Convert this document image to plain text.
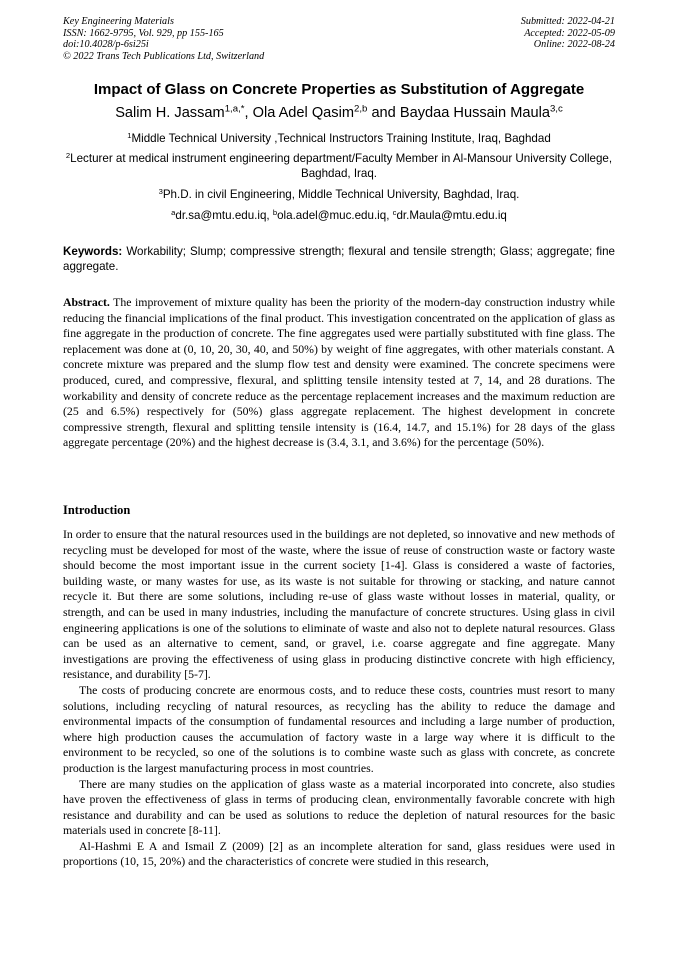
Key Engineering Materials
ISSN: 1662-9795, Vol. 929, pp 155-165
doi:10.4028/p-6si25i
© 2022 Trans Tech Publications Ltd, Switzerland
Submitted: 2022-04-21
Accepted: 2022-05-09
Online: 2022-08-24
Impact of Glass on Concrete Properties as Substitution of Aggregate
Salim H. Jassam$^{1,a,*}$, Ola Adel Qasim$^{2,b}$ and Baydaa Hussain Maula$^{3,c}$
$^1$Middle Technical University ,Technical Instructors Training Institute, Iraq, Baghdad
$^2$Lecturer at medical instrument engineering department/Faculty Member in Al-Mansour University College, Baghdad, Iraq.
$^3$Ph.D. in civil Engineering, Middle Technical University, Baghdad, Iraq.
$^a$dr.sa@mtu.edu.iq, $^b$ola.adel@muc.edu.iq, $^c$dr.Maula@mtu.edu.iq
Keywords: Workability; Slump; compressive strength; flexural and tensile strength; Glass; aggregate; fine aggregate.

Abstract. The improvement of mixture quality has been the priority of the modern-day construction industry while reducing the financial implications of the final product. This investigation concentrated on the application of glass as fine aggregate in the production of concrete. The fine aggregates used were partially substituted with fine glass. The replacement was done at (0, 10, 20, 30, 40, and 50%) by weight of fine aggregates, with other materials constant. A concrete mixture was prepared and the slump flow test and density were examined. The concrete specimens were produced, cured, and compressive, flexural, and splitting tensile intensity tested at 7, 14, and 28 durations. The workability and density of concrete reduce as the percentage replacement increases and the maximum reduction are (25 and 6.5%) respectively for (50%) glass aggregate replacement. The highest development in concrete compressive strength, flexural and splitting tensile intensity is (16.4, 14.7, and 15.1%) for 28 days of the glass aggregate percentage (20%) and the highest decrease is (3.4, 3.1, and 3.6%) for the percentage (50%).

Introduction

In order to ensure that the natural resources used in the buildings are not depleted, so innovative and new methods of recycling must be developed for most of the waste, where the issue of reuse of construction waste or factory waste should become the most important issue in the current society [1-4]. Glass is considered a waste of factories, building waste, or many wastes for use, as its waste is not suitable for throwing or stacking, and nature cannot recycle it. But there are some solutions, including re-use of glass waste without losses in material, quality, or strength, and can be used in many industries, including the manufacture of concrete structures. Using glass in civil engineering applications is one of the solutions to eliminate of waste and also not to deplete natural resources. Glass can be used as an alternative to cement, sand, or gravel, i.e. coarse aggregate and fine aggregate. Many investigations are proving the effectiveness of using glass in producing distinctive concrete with high efficiency, resistance, and durability [5-7].

The costs of producing concrete are enormous costs, and to reduce these costs, countries must resort to many solutions, including recycling of natural resources, as recycling has the ability to reduce the damage and environmental impacts of the consumption of fundamental resources and including a large number of production, where high production causes the accumulation of factory waste in a large way where it is difficult to the environment to be recycled, so one of the solutions is to combine waste such as glass with concrete, as concrete production is the largest manufacturing process in most countries.

There are many studies on the application of glass waste as a material incorporated into concrete, also studies have proven the effectiveness of glass in terms of producing clean, environmentally favorable concrete with high resistance and durability and can be used as solutions to reduce the depletion of natural resources for the basic materials used in concrete [8-11].

Al-Hashmi E A and Ismail Z (2009) [2] as an incomplete alteration for sand, glass residues were used in proportions (10, 15, 20%) and the characteristics of concrete were studied in this research,
